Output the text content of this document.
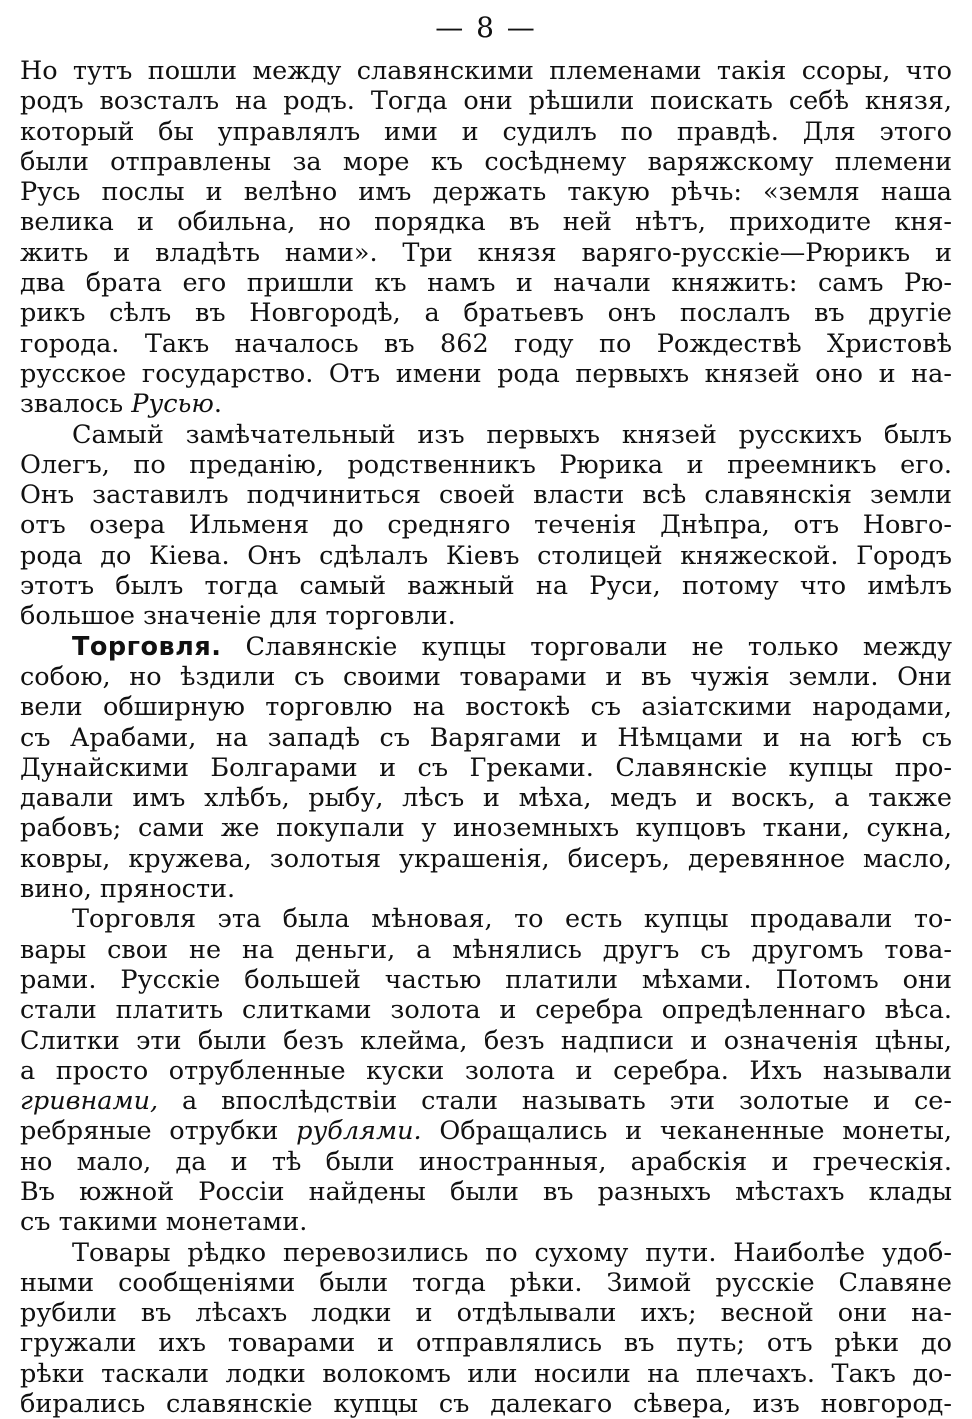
— 8 —
Но тутъ пошли между славянскими племенами такія ссоры, что
родъ возсталъ на родъ. Тогда они рѣшили поискать себѣ князя,
который бы управлялъ ими и судилъ по правдѣ. Для этого
были отправлены за море къ сосѣднему варяжскому племени
Русь послы и велѣно имъ держать такую рѣчь: «земля наша
велика и обильна, но порядка въ ней нѣтъ, приходите кня-
жить и владѣть нами». Три князя варяго-русскіе—Рюрикъ и
два брата его пришли къ намъ и начали княжить: самъ Рю-
рикъ сѣлъ въ Новгородѣ, а братьевъ онъ послалъ въ другіе
города. Такъ началось въ 862 году по Рождествѣ Христовѣ
русское государство. Отъ имени рода первыхъ князей оно и на-
звалось Русью.
Самый замѣчательный изъ первыхъ князей русскихъ былъ
Олегъ, по преданію, родственникъ Рюрика и преемникъ его.
Онъ заставилъ подчиниться своей власти всѣ славянскія земли
отъ озера Ильменя до средняго теченія Днѣпра, отъ Новго-
рода до Кіева. Онъ сдѣлалъ Кіевъ столицей княжеской. Городъ
этотъ былъ тогда самый важный на Руси, потому что имѣлъ
большое значеніе для торговли.
Торговля. Славянскіе купцы торговали не только между
собою, но ѣздили съ своими товарами и въ чужія земли. Они
вели обширную торговлю на востокѣ съ азіатскими народами,
съ Арабами, на западѣ съ Варягами и Нѣмцами и на югѣ съ
Дунайскими Болгарами и съ Греками. Славянскіе купцы про-
давали имъ хлѣбъ, рыбу, лѣсъ и мѣха, медъ и воскъ, а также
рабовъ; сами же покупали у иноземныхъ купцовъ ткани, сукна,
ковры, кружева, золотыя украшенія, бисеръ, деревянное масло,
вино, пряности.
Торговля эта была мѣновая, то есть купцы продавали то-
вары свои не на деньги, а мѣнялись другъ съ другомъ това-
рами. Русскіе большей частью платили мѣхами. Потомъ они
стали платить слитками золота и серебра опредѣленнаго вѣса.
Слитки эти были безъ клейма, безъ надписи и означенія цѣны,
а просто отрубленные куски золота и серебра. Ихъ называли
гривнами, а впослѣдствіи стали называть эти золотые и се-
ребряные отрубки рублями. Обращались и чеканенные монеты,
но мало, да и тѣ были иностранныя, арабскія и греческія.
Въ южной Россіи найдены были въ разныхъ мѣстахъ клады
съ такими монетами.
Товары рѣдко перевозились по сухому пути. Наиболѣе удоб-
ными сообщеніями были тогда рѣки. Зимой русскіе Славяне
рубили въ лѣсахъ лодки и отдѣлывали ихъ; весной они на-
гружали ихъ товарами и отправлялись въ путь; отъ рѣки до
рѣки таскали лодки волокомъ или носили на плечахъ. Такъ до-
бирались славянскіе купцы съ далекаго сѣвера, изъ новгород-
